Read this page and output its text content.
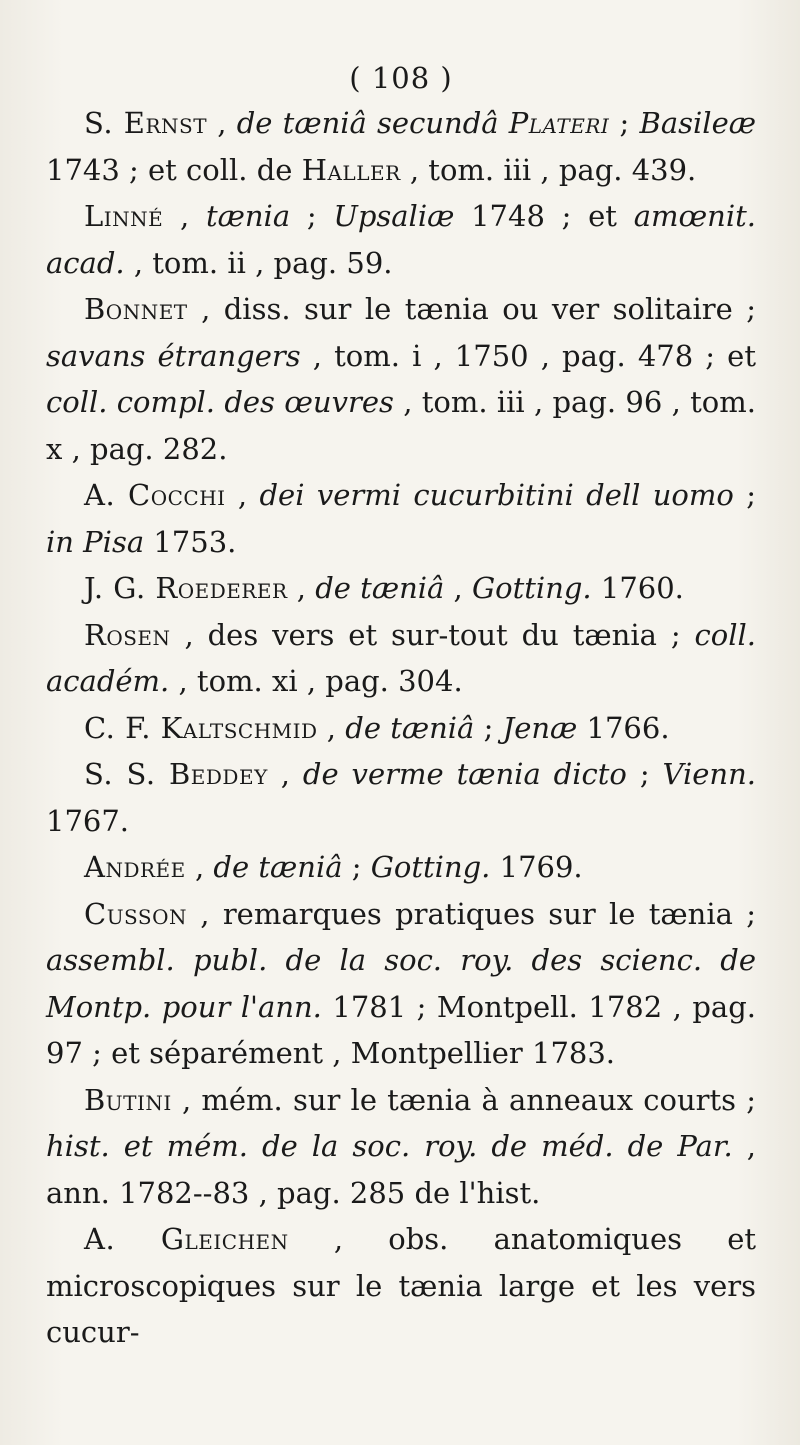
( 108 )

S. Ernst , de tæniâ secundâ Plateri ; Basileæ 1743 ; et coll. de Haller , tom. iii , pag. 439.

Linné , tænia ; Upsaliæ 1748 ; et amœnit. acad. , tom. ii , pag. 59.

Bonnet , diss. sur le tænia ou ver solitaire ; savans étrangers , tom. i , 1750 , pag. 478 ; et coll. compl. des œuvres , tom. iii , pag. 96 , tom. x , pag. 282.

A. Cocchi , dei vermi cucurbitini dell uomo ; in Pisa 1753.

J. G. Roederer , de tæniâ , Gotting. 1760.

Rosen , des vers et sur-tout du tænia ; coll. académ. , tom. xi , pag. 304.

C. F. Kaltschmid , de tæniâ ; Jenæ 1766.

S. S. Beddey , de verme tænia dicto ; Vienn. 1767.

Andrée , de tæniâ ; Gotting. 1769.

Cusson , remarques pratiques sur le tænia ; assembl. publ. de la soc. roy. des scienc. de Montp. pour l'ann. 1781 ; Montpell. 1782 , pag. 97 ; et séparément , Montpellier 1783.

Butini , mém. sur le tænia à anneaux courts ; hist. et mém. de la soc. roy. de méd. de Par. , ann. 1782--83 , pag. 285 de l'hist.

A. Gleichen , obs. anatomiques et microscopiques sur le tænia large et les vers cucur-
